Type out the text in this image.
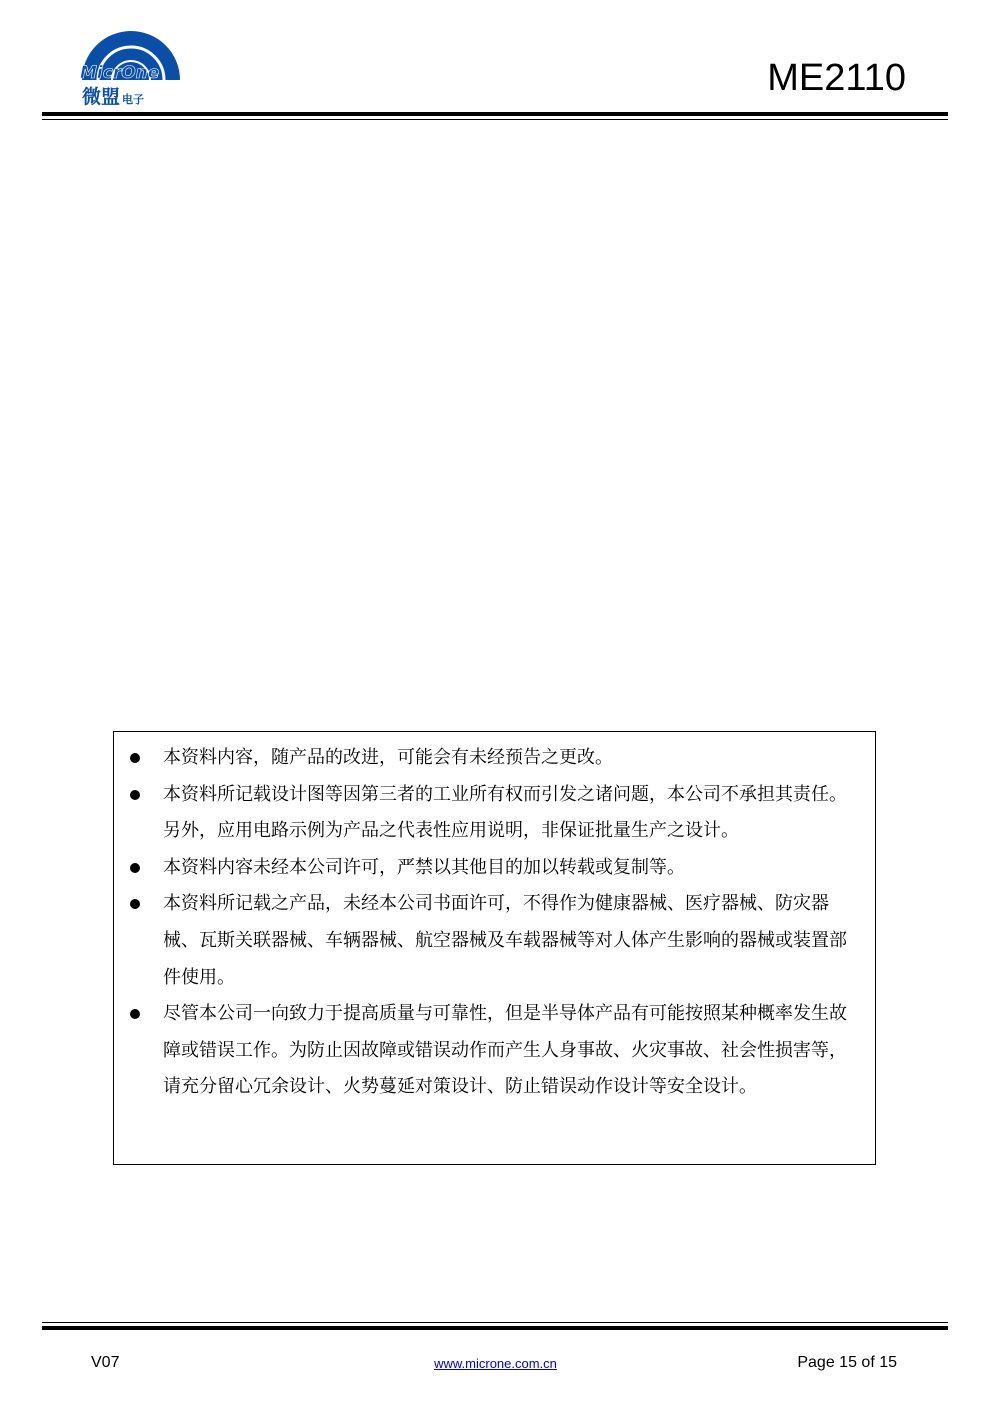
MicrOne
微盟 电子
ME2110
本资料内容，随产品的改进，可能会有未经预告之更改。
本资料所记载设计图等因第三者的工业所有权而引发之诸问题，本公司不承担其责任。另外，应用电路示例为产品之代表性应用说明，非保证批量生产之设计。
本资料内容未经本公司许可，严禁以其他目的加以转载或复制等。
本资料所记载之产品，未经本公司书面许可，不得作为健康器械、医疗器械、防灾器械、瓦斯关联器械、车辆器械、航空器械及车载器械等对人体产生影响的器械或装置部件使用。
尽管本公司一向致力于提高质量与可靠性，但是半导体产品有可能按照某种概率发生故障或错误工作。为防止因故障或错误动作而产生人身事故、火灾事故、社会性损害等，请充分留心冗余设计、火势蔓延对策设计、防止错误动作设计等安全设计。
V07	www.microne.com.cn	Page 15 of 15
